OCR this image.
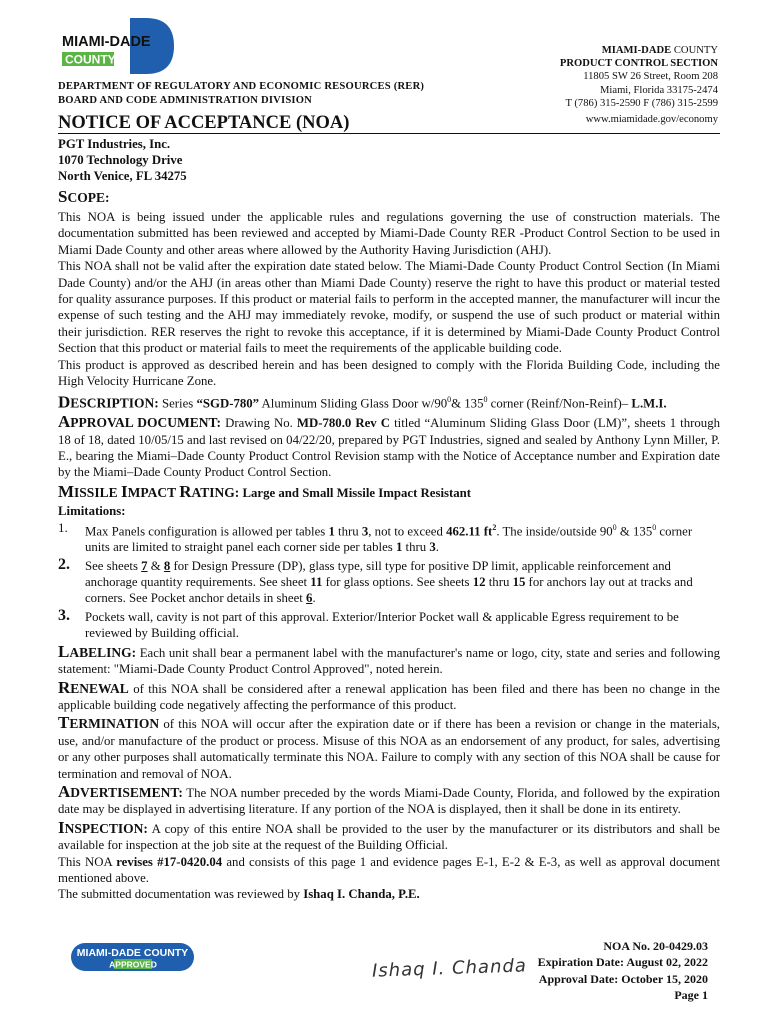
MIAMI-DADE
COUNTY
MIAMI-DADE COUNTY
PRODUCT CONTROL SECTION
11805 SW 26 Street, Room 208
Miami, Florida 33175-2474
T (786) 315-2590 F (786) 315-2599
www.miamidade.gov/economy
DEPARTMENT OF REGULATORY AND ECONOMIC RESOURCES (RER)
BOARD AND CODE ADMINISTRATION DIVISION
NOTICE OF ACCEPTANCE (NOA)
PGT Industries, Inc.
1070 Technology Drive
North Venice, FL 34275
SCOPE:

This NOA is being issued under the applicable rules and regulations governing the use of construction materials. The documentation submitted has been reviewed and accepted by Miami-Dade County RER -Product Control Section to be used in Miami Dade County and other areas where allowed by the Authority Having Jurisdiction (AHJ).

This NOA shall not be valid after the expiration date stated below. The Miami-Dade County Product Control Section (In Miami Dade County) and/or the AHJ (in areas other than Miami Dade County) reserve the right to have this product or material tested for quality assurance purposes. If this product or material fails to perform in the accepted manner, the manufacturer will incur the expense of such testing and the AHJ may immediately revoke, modify, or suspend the use of such product or material within their jurisdiction. RER reserves the right to revoke this acceptance, if it is determined by Miami-Dade County Product Control Section that this product or material fails to meet the requirements of the applicable building code.

This product is approved as described herein and has been designed to comply with the Florida Building Code, including the High Velocity Hurricane Zone.

DESCRIPTION: Series “SGD-780” Aluminum Sliding Glass Door $w/90^0\&$ $135^0$ corner (Reinf/Non-Reinf)– L.M.I.
APPROVAL DOCUMENT: Drawing No. MD-780.0 Rev C titled “Aluminum Sliding Glass Door (LM)”, sheets 1 through 18 of 18, dated 10/05/15 and last revised on 04/22/20, prepared by PGT Industries, signed and sealed by Anthony Lynn Miller, P. E., bearing the Miami–Dade County Product Control Revision stamp with the Notice of Acceptance number and Expiration date by the Miami–Dade County Product Control Section.
MISSILE IMPACT RATING: Large and Small Missile Impact Resistant
Limitations:
1. Max Panels configuration is allowed per tables 1 thru 3, not to exceed 462.11 $ft^2$. The inside/outside $90^0$ & $135^0$ corner units are limited to straight panel each corner side per tables 1 thru 3.
2. See sheets 7 & 8 for Design Pressure (DP), glass type, sill type for positive DP limit, applicable reinforcement and anchorage quantity requirements. See sheet 11 for glass options. See sheets 12 thru 15 for anchors lay out at tracks and corners. See Pocket anchor details in sheet 6.
3. Pockets wall, cavity is not part of this approval. Exterior/Interior Pocket wall & applicable Egress requirement to be reviewed by Building official.
LABELING: Each unit shall bear a permanent label with the manufacturer's name or logo, city, state and series and following statement: "Miami-Dade County Product Control Approved", noted herein.
RENEWAL of this NOA shall be considered after a renewal application has been filed and there has been no change in the applicable building code negatively affecting the performance of this product.
TERMINATION of this NOA will occur after the expiration date or if there has been a revision or change in the materials, use, and/or manufacture of the product or process. Misuse of this NOA as an endorsement of any product, for sales, advertising or any other purposes shall automatically terminate this NOA. Failure to comply with any section of this NOA shall be cause for termination and removal of NOA.
ADVERTISEMENT: The NOA number preceded by the words Miami-Dade County, Florida, and followed by the expiration date may be displayed in advertising literature. If any portion of the NOA is displayed, then it shall be done in its entirety.

INSPECTION: A copy of this entire NOA shall be provided to the user by the manufacturer or its distributors and shall be available for inspection at the job site at the request of the Building Official.

This NOA revises #17-0420.04 and consists of this page 1 and evidence pages E-1, E-2 & E-3, as well as approval document mentioned above.

The submitted documentation was reviewed by Ishaq I. Chanda, P.E.

MIAMI-DADE COUNTY
APPROVED	Ishaq I. Chanda
NOA No. 20-0429.03
Expiration Date: August 02, 2022
Approval Date: October 15, 2020
Page 1
